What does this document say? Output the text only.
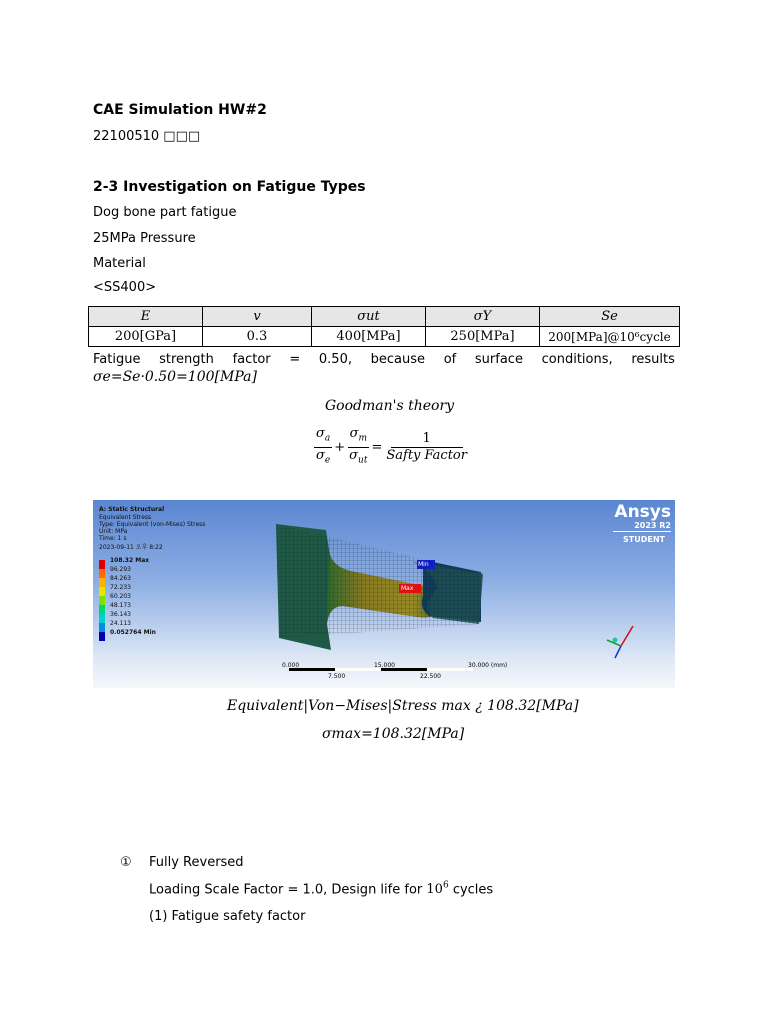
CAE Simulation HW#2
22100510 □□□
2-3 Investigation on Fatigue Types
Dog bone part fatigue
25MPa Pressure
Material
<SS400>
E	v	σut	σY	Se
200[GPa]	0.3	400[MPa]	250[MPa]	200[MPa]@10⁶cycle
Fatigue strength factor = 0.50, because of surface conditions, results
σe=Se·0.50=100[MPa]
Goodman's theory
$\frac{\sigma_a}{\sigma_e} + \frac{\sigma_m}{\sigma_{ut}} = \frac{1}{\text{Safty Factor}}$
A: Static Structural
Equivalent Stress
Type: Equivalent (von-Mises) Stress
Unit: MPa
Time: 1 s
2023-09-11 오후 8:22
108.32 Max
96.293
84.263
72.233
60.203
48.173
36.143
24.113
0.052764 Min
Min
Max
0.000	15.000	30.000 (mm)
7.500	22.500
Ansys
2023 R2
STUDENT
Equivalent|Von−Mises|Stress max ¿ 108.32[MPa]
σmax=108.32[MPa]
① Fully Reversed
Loading Scale Factor = 1.0, Design life for $10^6$ cycles
(1) Fatigue safety factor
